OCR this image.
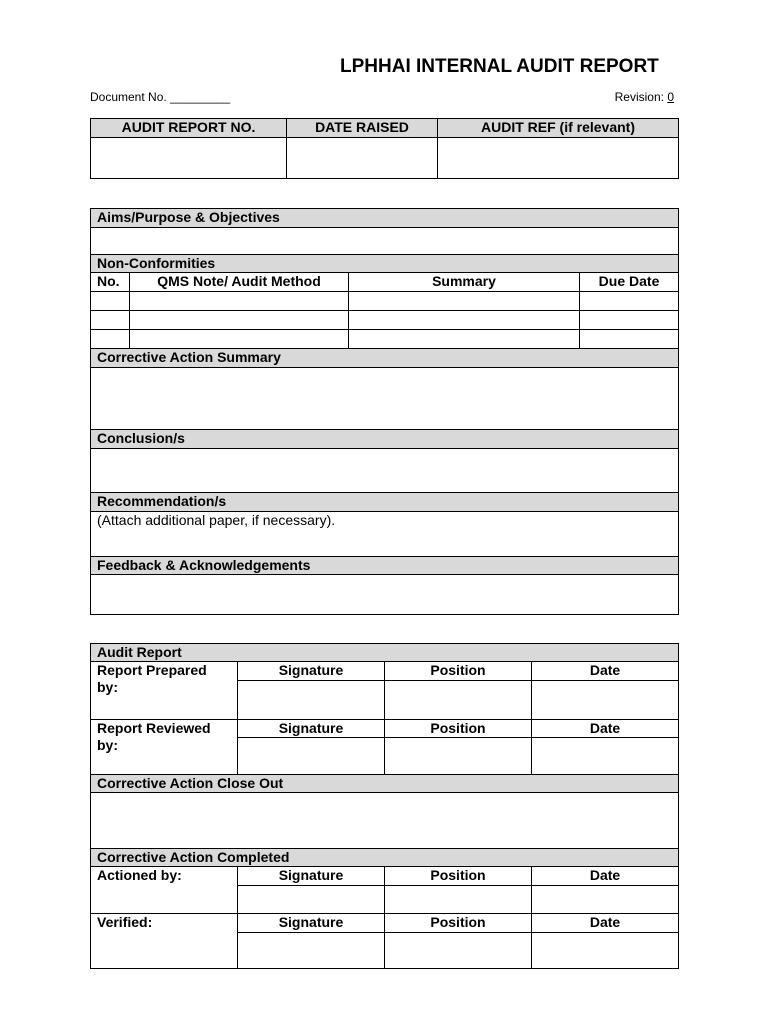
LPHHAI INTERNAL AUDIT REPORT
Document No. _________	Revision: 0
AUDIT REPORT NO.	DATE RAISED	AUDIT REF (if relevant)

Aims/Purpose & Objectives			

Non-Conformities			
No.	QMS Note/ Audit Method	Summary	Due Date

Corrective Action Summary			

Conclusion/s			

Recommendation/s			
(Attach additional paper, if necessary).			
Feedback & Acknowledgements			

Audit Report			
Report Prepared by:	Signature	Position	Date

Report Reviewed by:	Signature	Position	Date

Corrective Action Close Out			

Corrective Action Completed			
Actioned by:	Signature	Position	Date

Verified:	Signature	Position	Date
